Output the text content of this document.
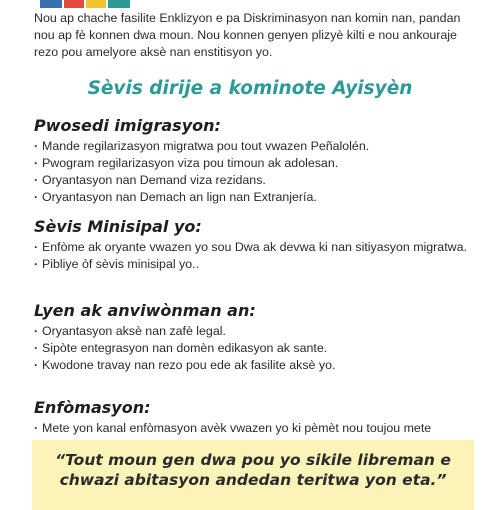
Nou ap chache fasilite Enklizyon e pa Diskriminasyon nan komin nan, pandan nou ap fè konnen dwa moun. Nou konnen genyen plizyè kilti e nou ankouraje rezo pou amelyore aksè nan enstitisyon yo.

Sèvis dirije a kominote Ayisyèn
Pwosedi imigrasyon:
· Mande regilarizasyon migratwa pou tout vwazen Peñalolén.
· Pwogram regilarizasyon viza pou timoun ak adolesan.
· Oryantasyon nan Demand viza rezidans.
· Oryantasyon nan Demach an lign nan Extranjería.
Sèvis Minisipal yo:
· Enfòme ak oryante vwazen yo sou Dwa ak devwa ki nan sitiyasyon migratwa.
· Pibliye òf sèvis minisipal yo..
Lyen ak anviwònman an:
· Oryantasyon aksè nan zafè legal.
· Sipòte entegrasyon nan domèn edikasyon ak sante.
· Kwodone travay nan rezo pou ede ak fasilite aksè yo.
Enfòmasyon:
· Mete yon kanal enfòmasyon avèk vwazen yo ki pèmèt nou toujou mete

“Tout moun gen dwa pou yo sikile libreman e chwazi abitasyon andedan teritwa yon eta.”
